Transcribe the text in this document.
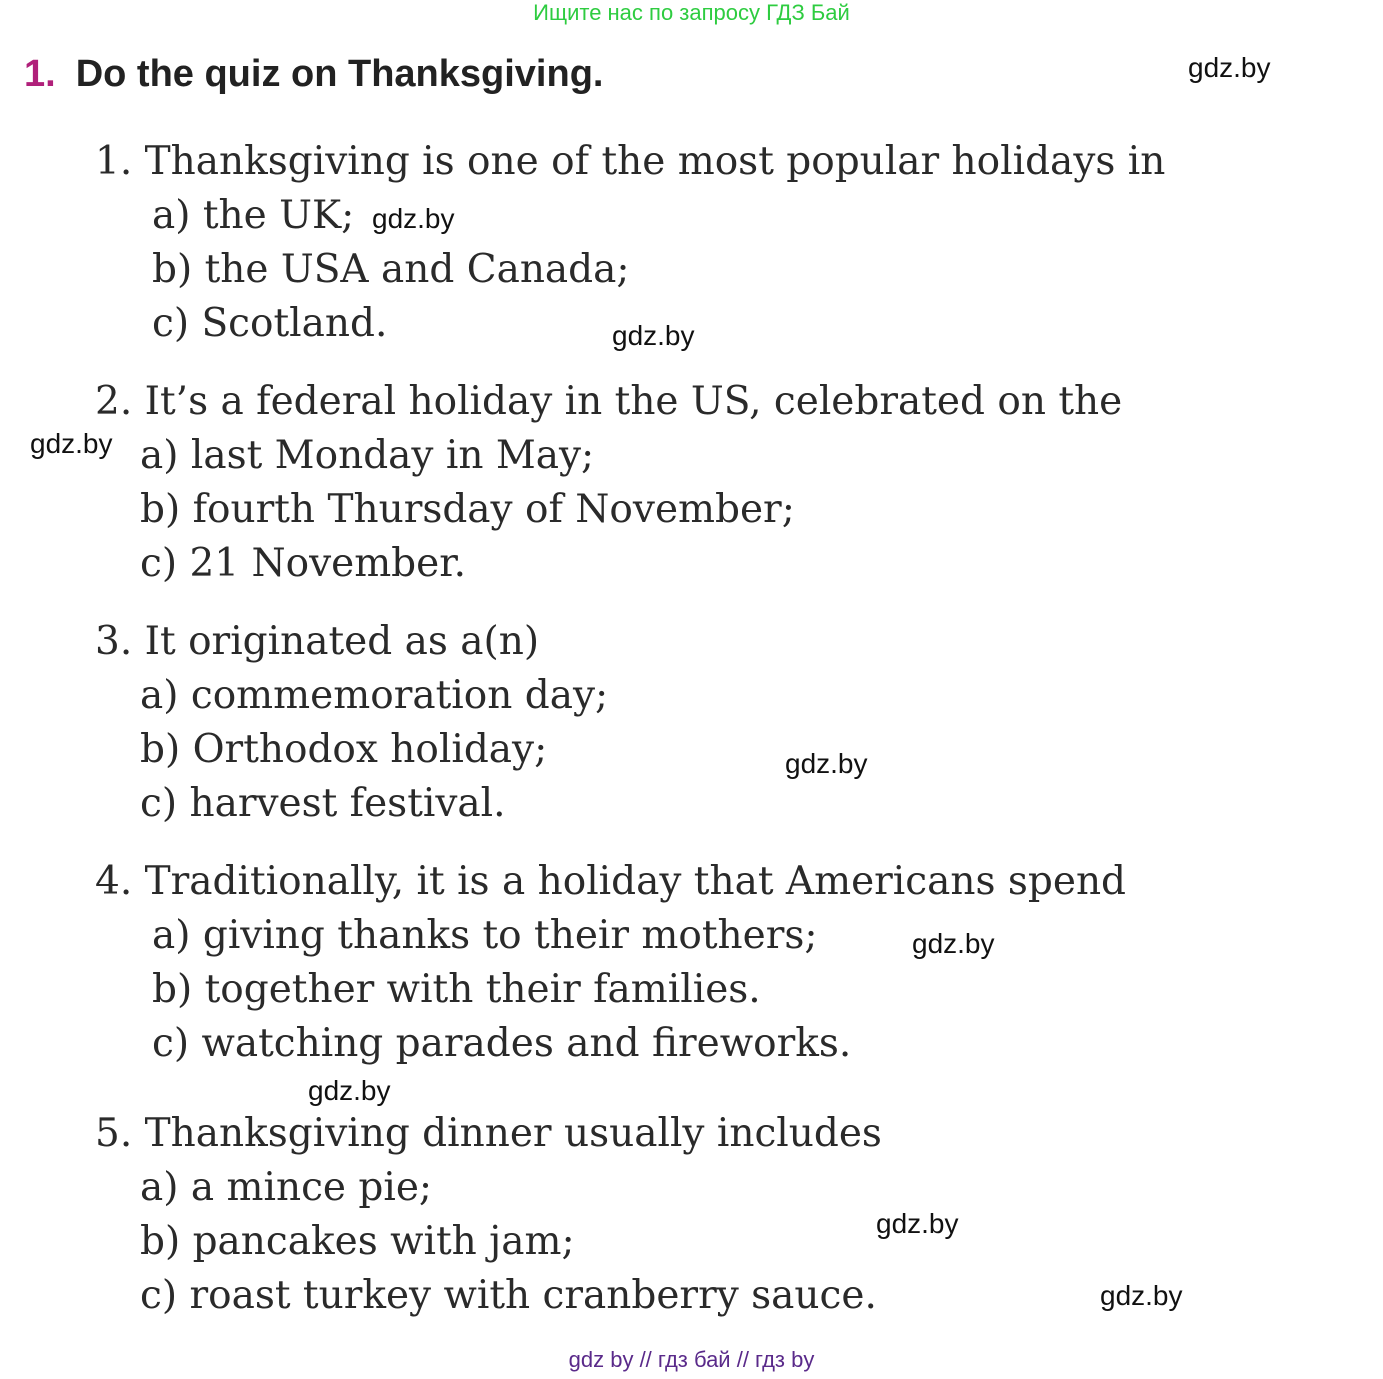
Ищите нас по запросу ГДЗ Бай
1. Do the quiz on Thanksgiving.
1. Thanksgiving is one of the most popular holidays in
a) the UK;
b) the USA and Canada;
c) Scotland.
2. It’s a federal holiday in the US, celebrated on the
a) last Monday in May;
b) fourth Thursday of November;
c) 21 November.
3. It originated as a(n)
a) commemoration day;
b) Orthodox holiday;
c) harvest festival.
4. Traditionally, it is a holiday that Americans spend
a) giving thanks to their mothers;
b) together with their families.
c) watching parades and fireworks.
5. Thanksgiving dinner usually includes
a) a mince pie;
b) pancakes with jam;
c) roast turkey with cranberry sauce.
gdz.by
gdz.by
gdz.by
gdz.by
gdz.by
gdz.by
gdz.by
gdz.by
gdz.by
gdz by // гдз бай // гдз by
